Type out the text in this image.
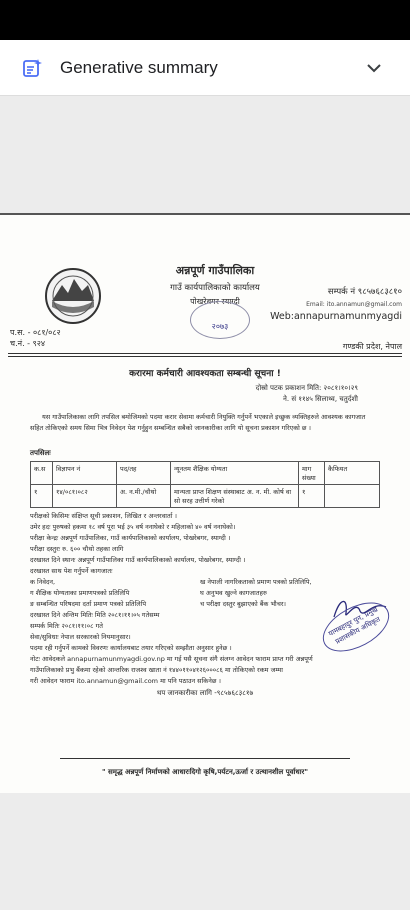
Generative summary
अन्नपूर्ण गाउँपालिका
गाउँ कार्यपालिकाको कार्यालय
पोखरेबगर स्याग्दी
२०७३
सम्पर्क नं ९८५७६८३८१०
Email: ito.annamun@gmail.com
Web:annapurnamunmyagdi
प.स. - ०८१/०८२
च.नं. - ९२४	गण्डकी प्रदेश, नेपाल
करारमा कर्मचारी आवश्यकता सम्बन्धी सूचना !
दोस्रो पटक प्रकाशन मिति: २०८१।१०।२९
ने. सं ११४५ सिलाथ्व, चतुर्दशी
यस गाउँपालिकाका लागि तपसिल बमोजिमको पदमा करार सेवामा कर्मचारी नियुक्ति गर्नुपर्ने भएकाले इच्छुक व्यक्तिहरुले आवश्यक कागजात सहित तोकिएको समय सिमा भित्र निवेदन पेश गर्नुहुन सम्बन्धित सबैको जानकारीका लागि यो सूचना प्रकाशन गरिएको छ ।
तपसिलः
क.स	विज्ञापन नं	पद/तह	न्यूनतम शैक्षिक योग्यता	माग संख्या	कैफियत
१	१४/०८१।०८२	अ. न.मी./चौथो	मान्यता प्राप्त शिक्षण संस्थाबाट अ. न. मी. कोर्ष वा सो सरह उत्तीर्ण गरेको	१	

परीक्षको किसिमः संक्षिप्त सूची प्रकाशन, लिखित र अन्तरवार्ता ।

उमेर हदः पुरुषको हकमा १८ वर्ष पूरा भई ३५ वर्ष ननाघेको र महिलाको ४० वर्ष ननाघेको।

परीक्षा केन्द्रः अन्नपूर्ण गाउँपालिका, गाउँ कार्यपालिकाको कार्यालय, पोखरेबगर, स्याग्दी ।

परीक्षा दस्तुरः रु. ६०० चौथो तहका लागि

दरखास्त दिने स्थानः अन्नपूर्ण गाउँपालिका गाउँ कार्यपालिकाको कार्यालय, पोखरेबगर, स्याग्दी ।

दरखास्त साथ पेश गर्नुपर्ने कागजातः

क निवेदन,	ख नेपाली नागरिकताको प्रमाण पत्रको प्रतिलिपि,
ग शैक्षिक योग्यताका प्रमाणपत्रको प्रतिलिपि	घ अनुभव खुल्ने कागजातहरु
ङ सम्बन्धित परिषदमा दर्ता प्रमाण पत्रको प्रतिलिपि	च परीक्षा दस्तुर बुझाएको बैंक भौचर।

दरखास्त दिने अन्तिम मितिः मिति २०८१।११।०५ गतेसम्म

सम्पर्क मितिः २०८१।११।०८ गते

सेवा/सुविधाः नेपाल सरकारको नियमानुसार।

पदमा रही गर्नुपर्ने कामको विवरणः कार्यालयबाट तयार गरिएको सम्झौता अनुसार हुनेछ ।

नोटः आवेदकले annapurnamunmyagdi.gov.np मा गई यसै सूचना संगै संलग्न आवेदन फाराम प्राप्त गरी अन्नपूर्ण

गाउँपालिकाको प्रभु बैंकमा रहेको आन्तरिक राजश्व खाता नं १४४०११०४१२६०००८६ मा तोकिएको रकम जम्मा

गरी आवेदन फाराम ito.annamun@gmail.com मा पनि पठाउन सकिनेछ ।

यामबहादुर पुन, प्रमुख प्रशासकीय अधिकृत
थप जानकारीका लागि -९८५७६८३८१७
" समृद्ध अन्नपूर्ण निर्माणको आधारःदिगो कृषि,पर्यटन,ऊर्जा र उत्थानशील पूर्वाधार"
